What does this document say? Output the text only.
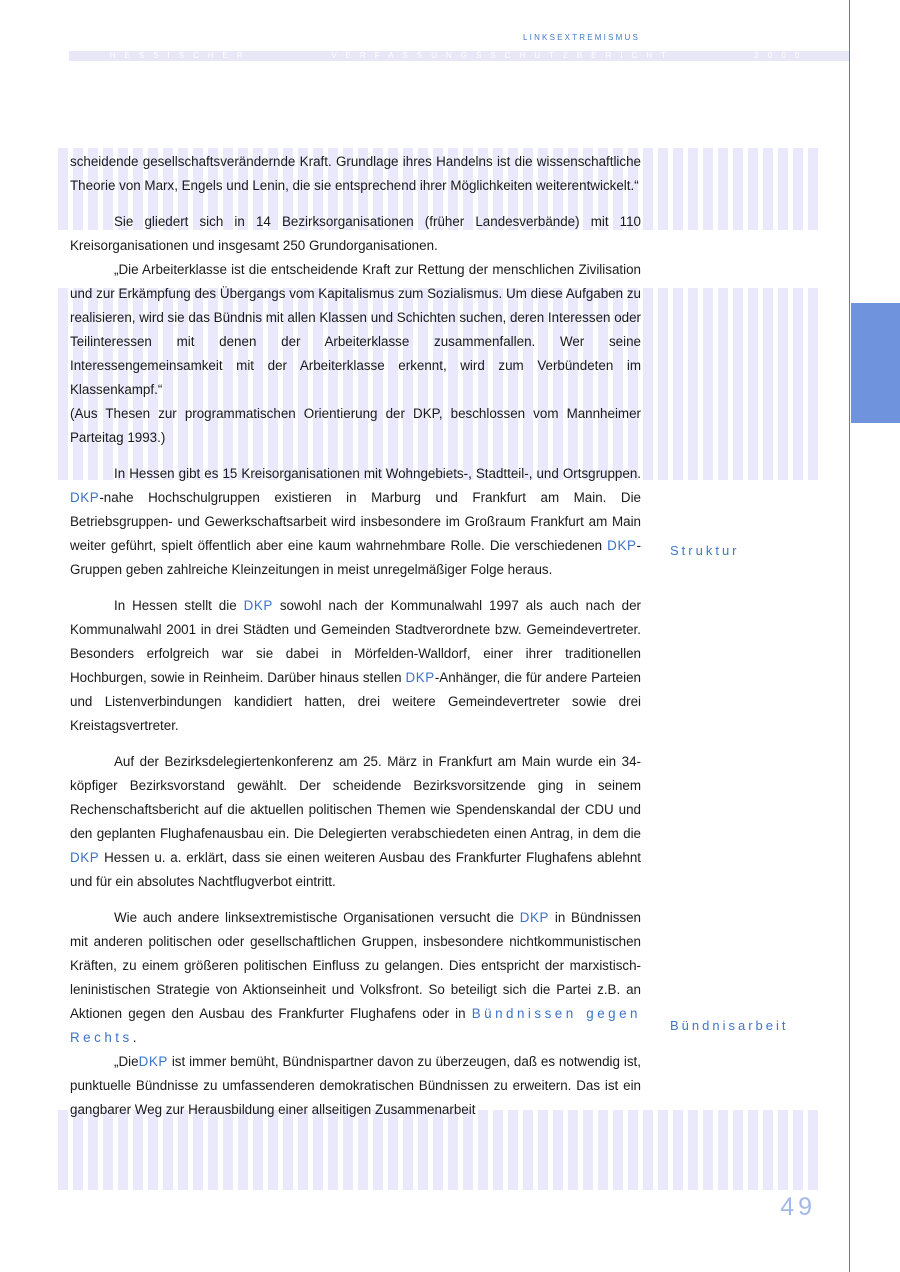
LINKSEXTREMISMUS
HESSISCHER	VERFASSUNGSSCHUTZBERICHT	2000

scheidende gesellschaftsverändernde Kraft. Grundlage ihres Handelns ist die wissenschaftliche Theorie von Marx, Engels und Lenin, die sie entsprechend ihrer Möglichkeiten weiterentwickelt.“

Sie gliedert sich in 14 Bezirksorganisationen (früher Landesverbände) mit 110 Kreisorganisationen und insgesamt 250 Grundorganisationen.

„Die Arbeiterklasse ist die entscheidende Kraft zur Rettung der menschlichen Zivilisation und zur Erkämpfung des Übergangs vom Kapitalismus zum Sozialismus. Um diese Aufgaben zu realisieren, wird sie das Bündnis mit allen Klassen und Schichten suchen, deren Interessen oder Teilinteressen mit denen der Arbeiterklasse zusammenfallen. Wer seine Interessengemeinsamkeit mit der Arbeiterklasse erkennt, wird zum Verbündeten im Klassenkampf.“

(Aus Thesen zur programmatischen Orientierung der DKP, beschlossen vom Mannheimer Parteitag 1993.)

In Hessen gibt es 15 Kreisorganisationen mit Wohngebiets-, Stadtteil-, und Ortsgruppen. DKP-nahe Hochschulgruppen existieren in Marburg und Frankfurt am Main. Die Betriebsgruppen- und Gewerkschaftsarbeit wird insbesondere im Großraum Frankfurt am Main weiter geführt, spielt öffentlich aber eine kaum wahrnehmbare Rolle. Die verschiedenen DKP-Gruppen geben zahlreiche Kleinzeitungen in meist unregelmäßiger Folge heraus.

In Hessen stellt die DKP sowohl nach der Kommunalwahl 1997 als auch nach der Kommunalwahl 2001 in drei Städten und Gemeinden Stadtverordnete bzw. Gemeindevertreter. Besonders erfolgreich war sie dabei in Mörfelden-Walldorf, einer ihrer traditionellen Hochburgen, sowie in Reinheim. Darüber hinaus stellen DKP-Anhänger, die für andere Parteien und Listenverbindungen kandidiert hatten, drei weitere Gemeindevertreter sowie drei Kreistagsvertreter.

Auf der Bezirksdelegiertenkonferenz am 25. März in Frankfurt am Main wurde ein 34-köpfiger Bezirksvorstand gewählt. Der scheidende Bezirksvorsitzende ging in seinem Rechenschaftsbericht auf die aktuellen politischen Themen wie Spendenskandal der CDU und den geplanten Flughafenausbau ein. Die Delegierten verabschiedeten einen Antrag, in dem die DKP Hessen u. a. erklärt, dass sie einen weiteren Ausbau des Frankfurter Flughafens ablehnt und für ein absolutes Nachtflugverbot eintritt.

Wie auch andere linksextremistische Organisationen versucht die DKP in Bündnissen mit anderen politischen oder gesellschaftlichen Gruppen, insbesondere nichtkommunistischen Kräften, zu einem größeren politischen Einfluss zu gelangen. Dies entspricht der marxistisch-leninistischen Strategie von Aktionseinheit und Volksfront. So beteiligt sich die Partei z.B. an Aktionen gegen den Ausbau des Frankfurter Flughafens oder in Bündnissen gegen Rechts.

„DieDKP ist immer bemüht, Bündnispartner davon zu überzeugen, daß es notwendig ist, punktuelle Bündnisse zu umfassenderen demokratischen Bündnissen zu erweitern. Das ist ein gangbarer Weg zur Herausbildung einer allseitigen Zusammenarbeit

Struktur
Bündnisarbeit
49
